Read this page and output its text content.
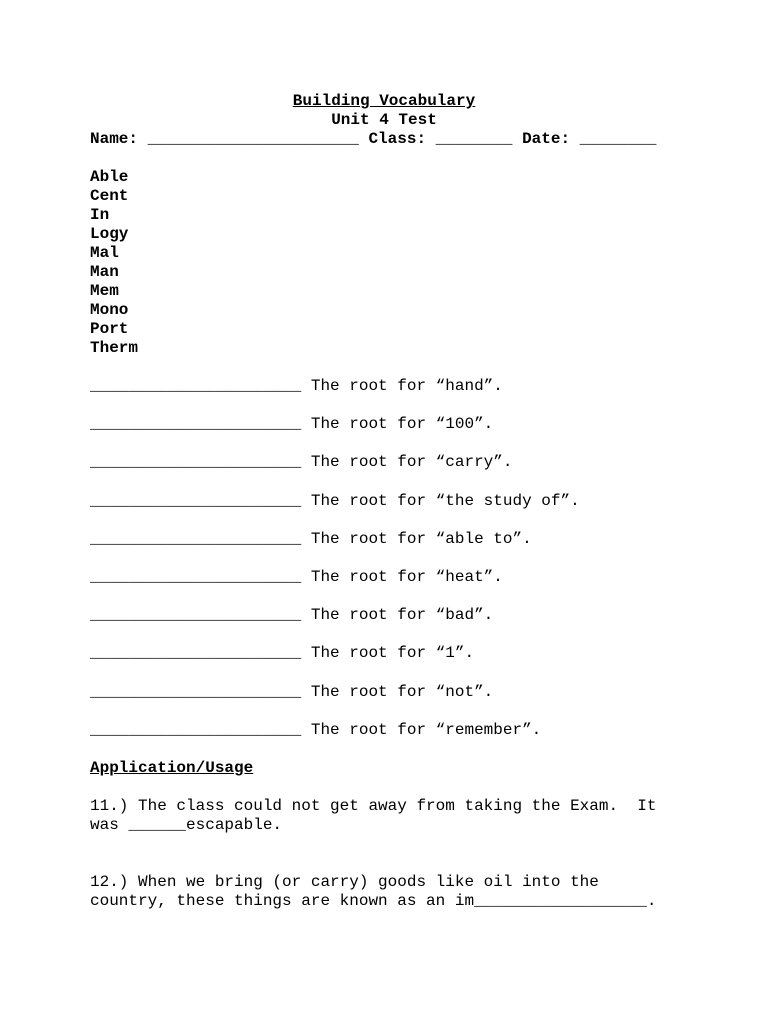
Building Vocabulary
Unit 4 Test
Name: ______________________ Class: ________ Date: ________
Able
Cent
In
Logy
Mal
Man
Mem
Mono
Port
Therm
______________________ The root for “hand”.
______________________ The root for “100”.
______________________ The root for “carry”.
______________________ The root for “the study of”.
______________________ The root for “able to”.
______________________ The root for “heat”.
______________________ The root for “bad”.
______________________ The root for “1”.
______________________ The root for “not”.
______________________ The root for “remember”.
Application/Usage
11.) The class could not get away from taking the Exam.  It
was ______escapable.
12.) When we bring (or carry) goods like oil into the
country, these things are known as an im__________________.
